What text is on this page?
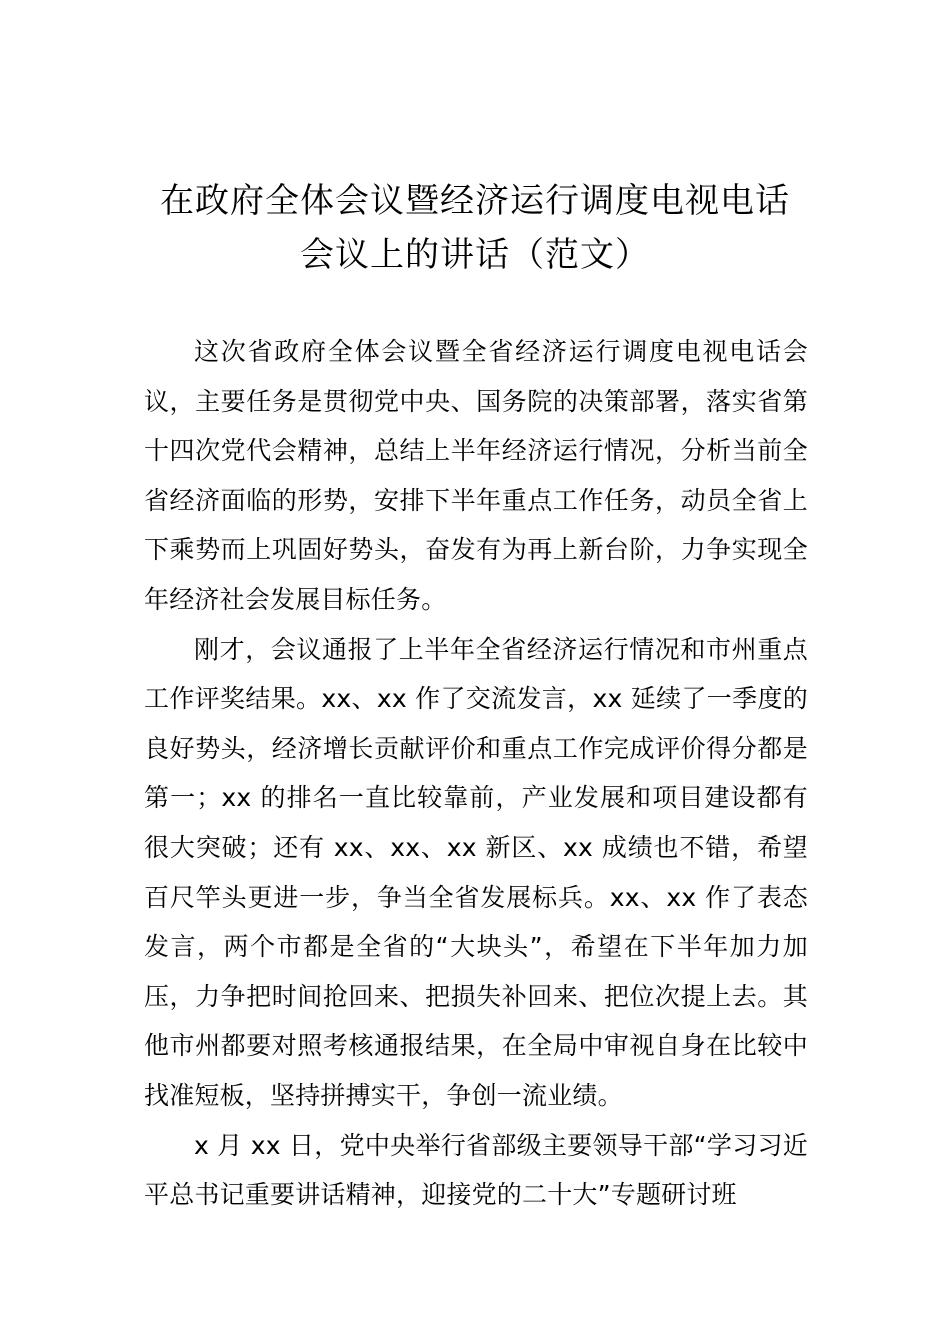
在政府全体会议暨经济运行调度电视电话
会议上的讲话（范文）

这次省政府全体会议暨全省经济运行调度电视电话会议，主要任务是贯彻党中央、国务院的决策部署，落实省第十四次党代会精神，总结上半年经济运行情况，分析当前全省经济面临的形势，安排下半年重点工作任务，动员全省上下乘势而上巩固好势头，奋发有为再上新台阶，力争实现全年经济社会发展目标任务。

刚才，会议通报了上半年全省经济运行情况和市州重点工作评奖结果。xx、xx 作了交流发言，xx 延续了一季度的良好势头，经济增长贡献评价和重点工作完成评价得分都是第一；xx 的排名一直比较靠前，产业发展和项目建设都有很大突破；还有 xx、xx、xx 新区、xx 成绩也不错，希望百尺竿头更进一步，争当全省发展标兵。xx、xx 作了表态发言，两个市都是全省的“大块头”，希望在下半年加力加压，力争把时间抢回来、把损失补回来、把位次提上去。其他市州都要对照考核通报结果，在全局中审视自身在比较中找准短板，坚持拼搏实干，争创一流业绩。

x 月 xx 日，党中央举行省部级主要领导干部“学习习近平总书记重要讲话精神，迎接党的二十大”专题研讨班
